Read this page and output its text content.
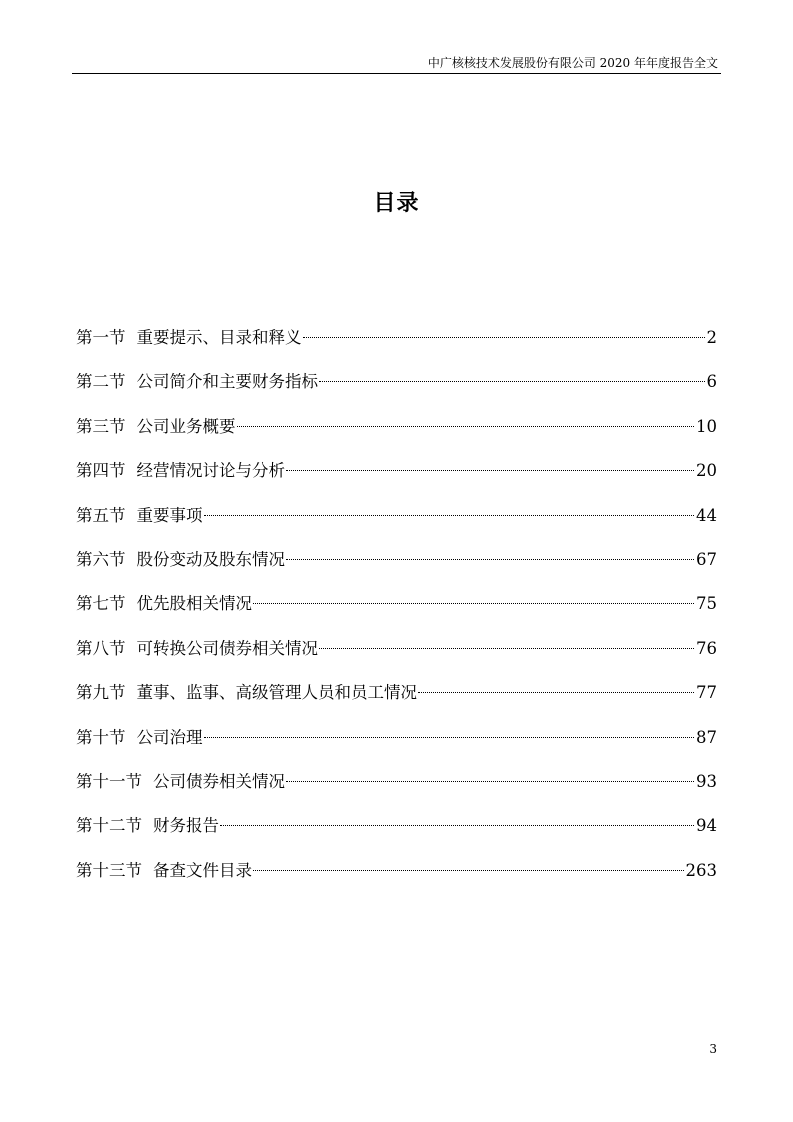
中广核核技术发展股份有限公司 2020 年年度报告全文
目录
第一节 重要提示、目录和释义	2
第二节 公司简介和主要财务指标	6
第三节 公司业务概要	10
第四节 经营情况讨论与分析	20
第五节 重要事项	44
第六节 股份变动及股东情况	67
第七节 优先股相关情况	75
第八节 可转换公司债券相关情况	76
第九节 董事、监事、高级管理人员和员工情况	77
第十节 公司治理	87
第十一节 公司债券相关情况	93
第十二节 财务报告	94
第十三节 备查文件目录	263
3
